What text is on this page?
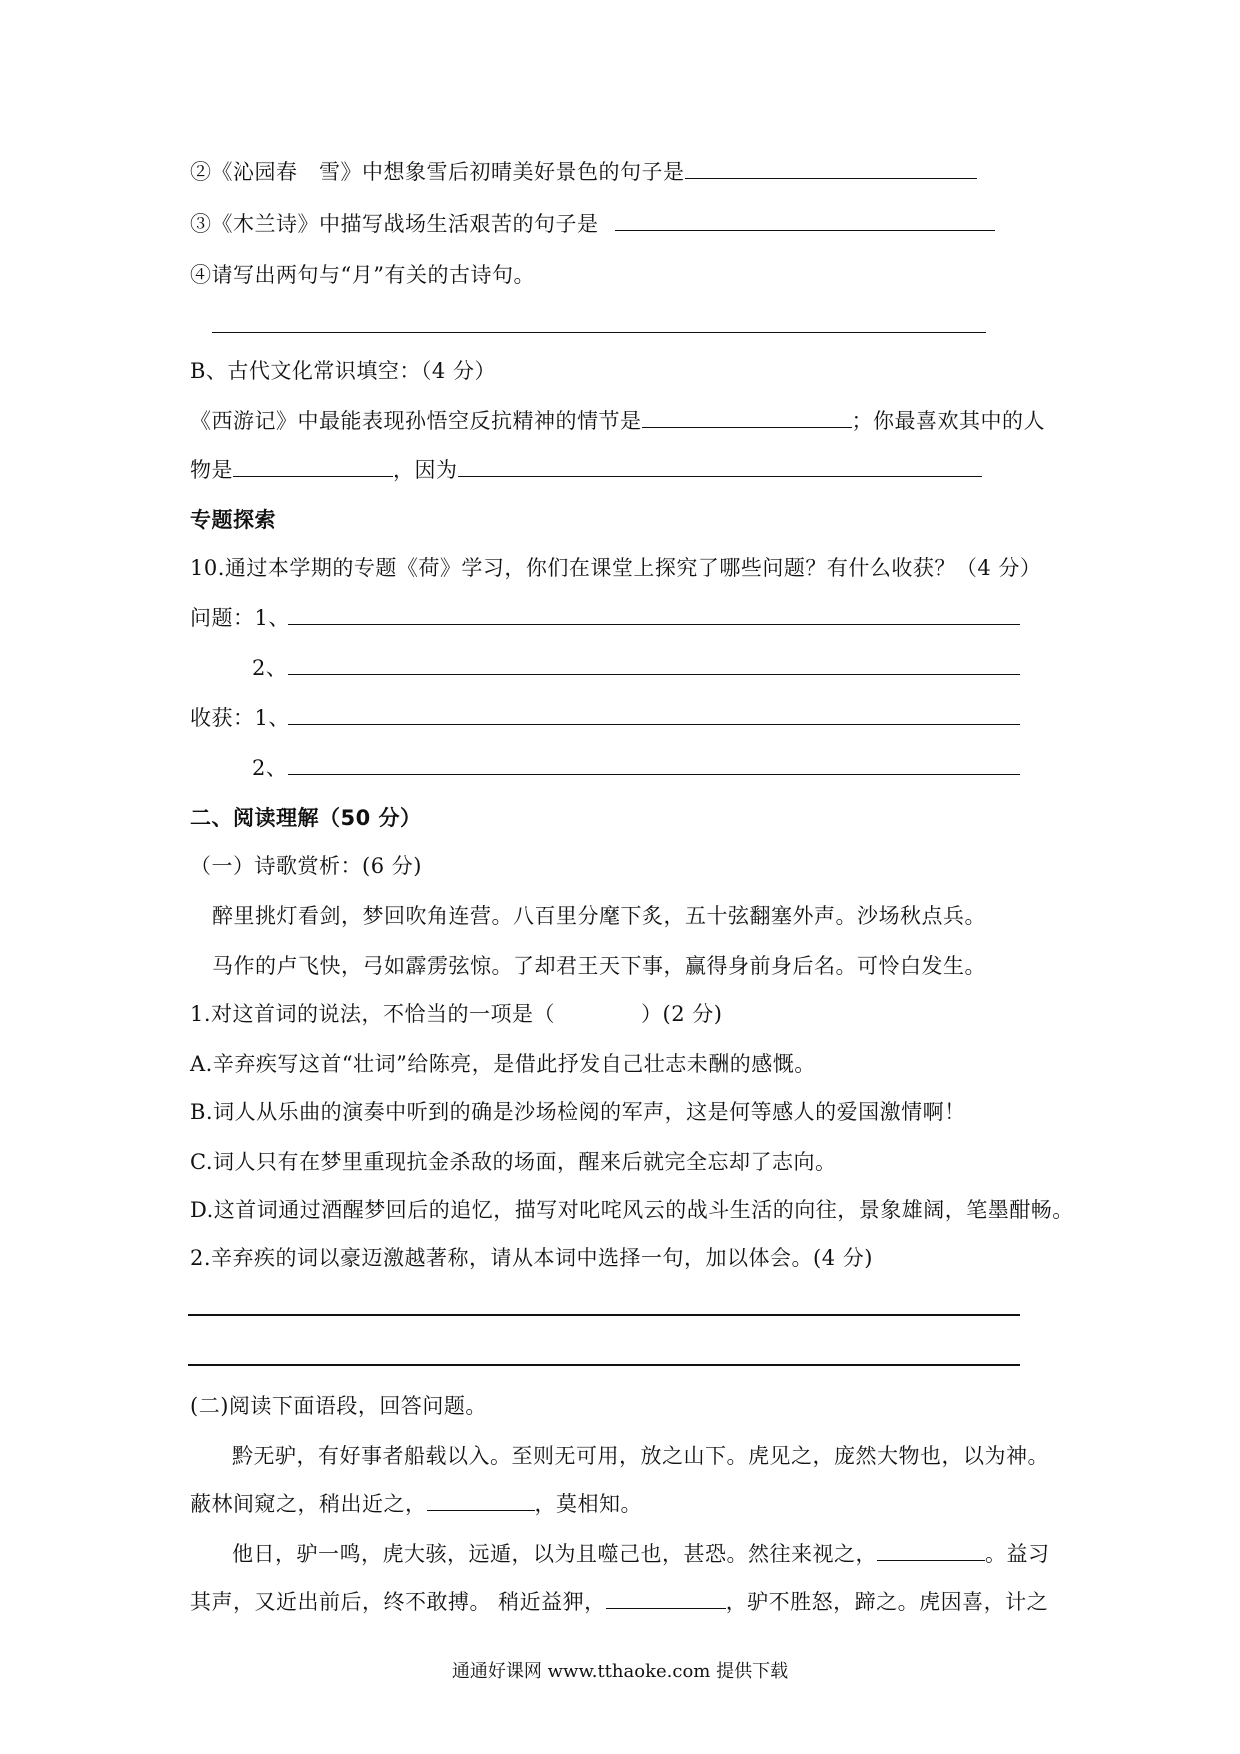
②《沁园春　雪》中想象雪后初晴美好景色的句子是
③《木兰诗》中描写战场生活艰苦的句子是
④请写出两句与“月”有关的古诗句。
B、古代文化常识填空：（4 分）
《西游记》中最能表现孙悟空反抗精神的情节是	；你最喜欢其中的人
物是	，因为
专题探索
10.通过本学期的专题《荷》学习，你们在课堂上探究了哪些问题？有什么收获？（4 分）
问题：1、
2、
收获：1、
2、
二、阅读理解（50 分）
（一）诗歌赏析：(6 分)
醉里挑灯看剑，梦回吹角连营。八百里分麾下炙，五十弦翻塞外声。沙场秋点兵。
马作的卢飞快，弓如霹雳弦惊。了却君王天下事，赢得身前身后名。可怜白发生。
1.对这首词的说法，不恰当的一项是（　　　　）(2 分)
A.辛弃疾写这首“壮词”给陈亮，是借此抒发自己壮志未酬的感慨。
B.词人从乐曲的演奏中听到的确是沙场检阅的军声，这是何等感人的爱国激情啊！
C.词人只有在梦里重现抗金杀敌的场面，醒来后就完全忘却了志向。
D.这首词通过酒醒梦回后的追忆，描写对叱咤风云的战斗生活的向往，景象雄阔，笔墨酣畅。
2.辛弃疾的词以豪迈激越著称，请从本词中选择一句，加以体会。(4 分)
(二)阅读下面语段，回答问题。
黔无驴，有好事者船载以入。至则无可用，放之山下。虎见之，庞然大物也，以为神。
蔽林间窥之，稍出近之，	，莫相知。
他日，驴一鸣，虎大骇，远遁，以为且噬己也，甚恐。然往来视之，	。益习
其声，又近出前后，终不敢搏。 稍近益狎，	，驴不胜怒，蹄之。虎因喜，计之
通通好课网 www.tthaoke.com 提供下载
